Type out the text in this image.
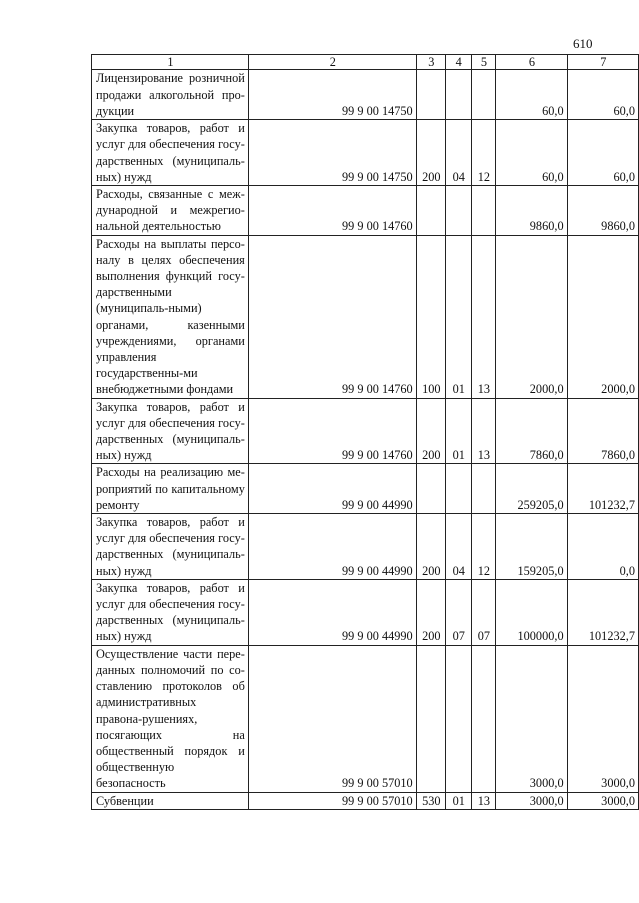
610
1	2	3	4	5	6	7
Лицензирование розничной продажи алкогольной про-дукции	99 9 00 14750				60,0	60,0
Закупка товаров, работ и услуг для обеспечения госу-дарственных (муниципаль-ных) нужд	99 9 00 14750	200	04	12	60,0	60,0
Расходы, связанные с меж-дународной и межрегио-нальной деятельностью	99 9 00 14760				9860,0	9860,0
Расходы на выплаты персо-налу в целях обеспечения выполнения функций госу-дарственными (муниципаль-ными) органами, казенными учреждениями, органами управления государственны-ми внебюджетными фондами	99 9 00 14760	100	01	13	2000,0	2000,0
Закупка товаров, работ и услуг для обеспечения госу-дарственных (муниципаль-ных) нужд	99 9 00 14760	200	01	13	7860,0	7860,0
Расходы на реализацию ме-роприятий по капитальному ремонту	99 9 00 44990				259205,0	101232,7
Закупка товаров, работ и услуг для обеспечения госу-дарственных (муниципаль-ных) нужд	99 9 00 44990	200	04	12	159205,0	0,0
Закупка товаров, работ и услуг для обеспечения госу-дарственных (муниципаль-ных) нужд	99 9 00 44990	200	07	07	100000,0	101232,7
Осуществление части пере-данных полномочий по со-ставлению протоколов об административных правона-рушениях, посягающих на общественный порядок и общественную безопасность	99 9 00 57010				3000,0	3000,0
Субвенции	99 9 00 57010	530	01	13	3000,0	3000,0
